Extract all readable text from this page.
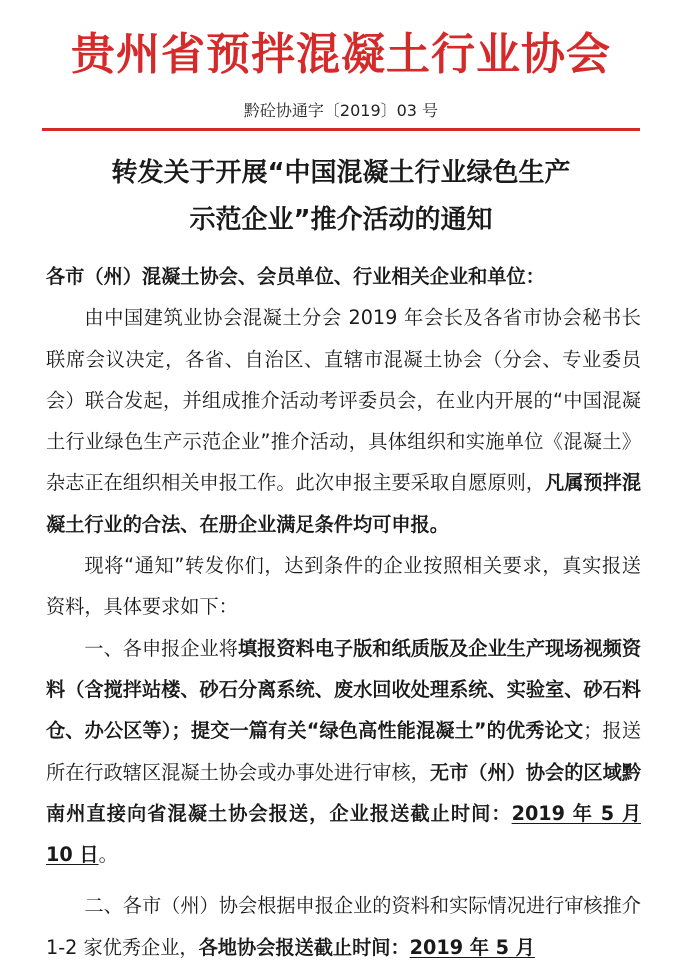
贵州省预拌混凝土行业协会
黔砼协通字〔2019〕03 号
转发关于开展“中国混凝土行业绿色生产
示范企业”推介活动的通知

各市（州）混凝土协会、会员单位、行业相关企业和单位：

由中国建筑业协会混凝土分会 2019 年会长及各省市协会秘书长联席会议决定，各省、自治区、直辖市混凝土协会（分会、专业委员会）联合发起，并组成推介活动考评委员会，在业内开展的“中国混凝土行业绿色生产示范企业”推介活动，具体组织和实施单位《混凝土》杂志正在组织相关申报工作。此次申报主要采取自愿原则，凡属预拌混凝土行业的合法、在册企业满足条件均可申报。

现将“通知”转发你们，达到条件的企业按照相关要求，真实报送资料，具体要求如下：

一、各申报企业将填报资料电子版和纸质版及企业生产现场视频资料（含搅拌站楼、砂石分离系统、废水回收处理系统、实验室、砂石料仓、办公区等）；提交一篇有关“绿色高性能混凝土”的优秀论文；报送所在行政辖区混凝土协会或办事处进行审核，无市（州）协会的区域黔南州直接向省混凝土协会报送，企业报送截止时间：2019 年 5 月 10 日。

二、各市（州）协会根据申报企业的资料和实际情况进行审核推介 1-2 家优秀企业，各地协会报送截止时间：2019 年 5 月
